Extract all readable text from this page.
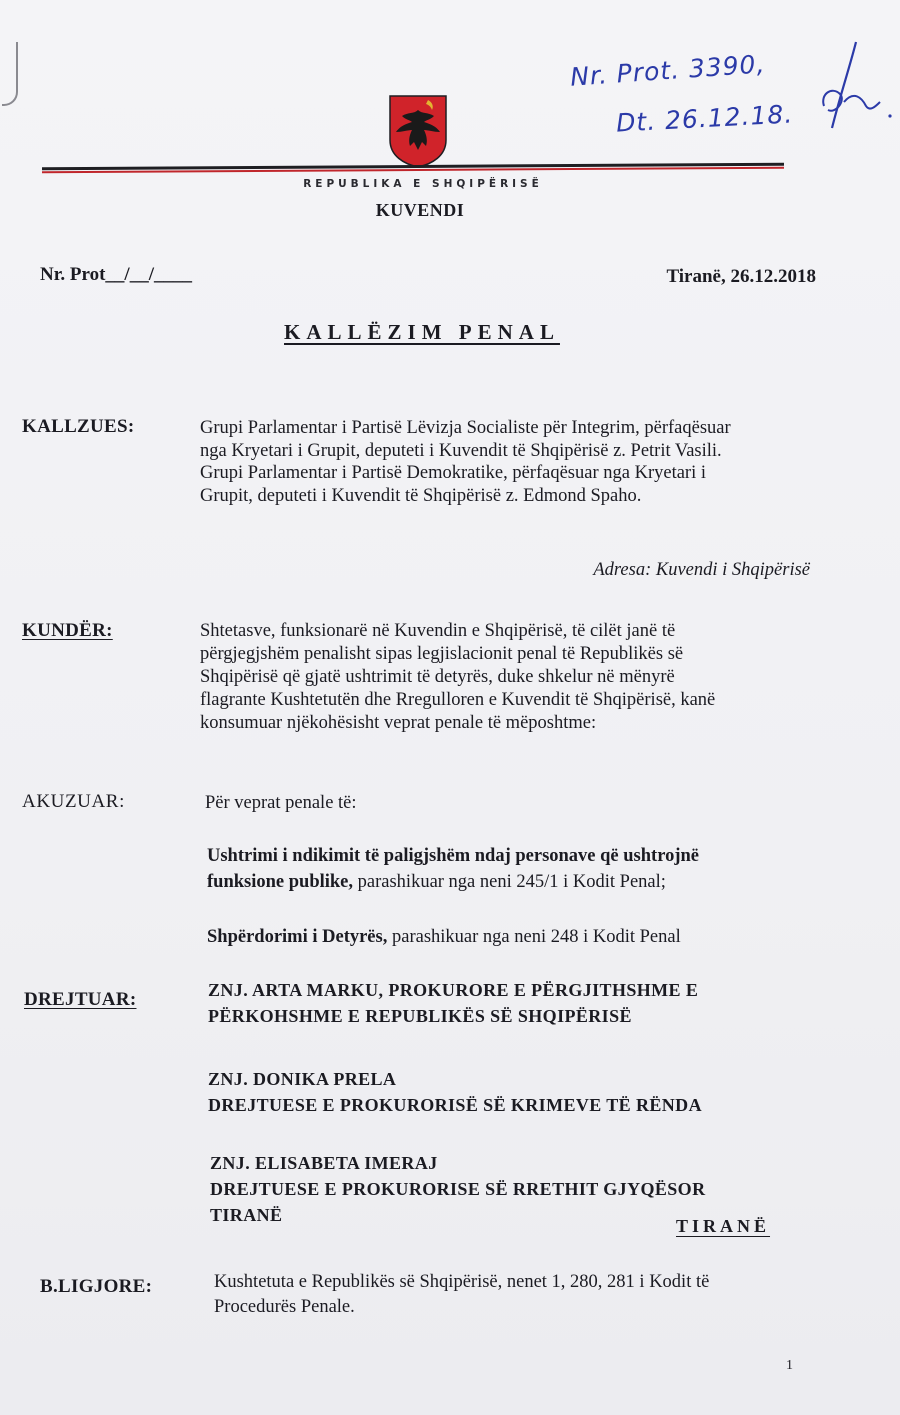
Nr. Prot. 3390,
Dt. 26.12.18.
REPUBLIKA E SHQIPËRISË
KUVENDI
Nr. Prot__/__/____	Tiranë, 26.12.2018
KALLËZIM PENAL
KALLZUES:	Grupi Parlamentar i Partisë Lëvizja Socialiste për Integrim, përfaqësuar
nga Kryetari i Grupit, deputeti i Kuvendit të Shqipërisë z. Petrit Vasili.
Grupi Parlamentar i Partisë Demokratike, përfaqësuar nga Kryetari i
Grupit, deputeti i Kuvendit të Shqipërisë z. Edmond Spaho.
Adresa: Kuvendi i Shqipërisë
KUNDËR:	Shtetasve, funksionarë në Kuvendin e Shqipërisë, të cilët janë të
përgjegjshëm penalisht sipas legjislacionit penal të Republikës së
Shqipërisë që gjatë ushtrimit të detyrës, duke shkelur në mënyrë
flagrante Kushtetutën dhe Rregulloren e Kuvendit të Shqipërisë, kanë
konsumuar njëkohësisht veprat penale të mëposhtme:
AKUZUAR:	Për veprat penale të:
Ushtrimi i ndikimit të paligjshëm ndaj personave që ushtrojnë
funksione publike, parashikuar nga neni 245/1 i Kodit Penal;
Shpërdorimi i Detyrës, parashikuar nga neni 248 i Kodit Penal
DREJTUAR:	ZNJ. ARTA MARKU, PROKURORE E PËRGJITHSHME E
PËRKOHSHME E REPUBLIKËS SË SHQIPËRISË
ZNJ. DONIKA PRELA
DREJTUESE E PROKURORISË SË KRIMEVE TË RËNDA
ZNJ. ELISABETA IMERAJ
DREJTUESE E PROKURORISE SË RRETHIT GJYQËSOR
TIRANË
TIRANË
B.LIGJORE:	Kushtetuta e Republikës së Shqipërisë, nenet 1, 280, 281 i Kodit të
Procedurës Penale.
1
